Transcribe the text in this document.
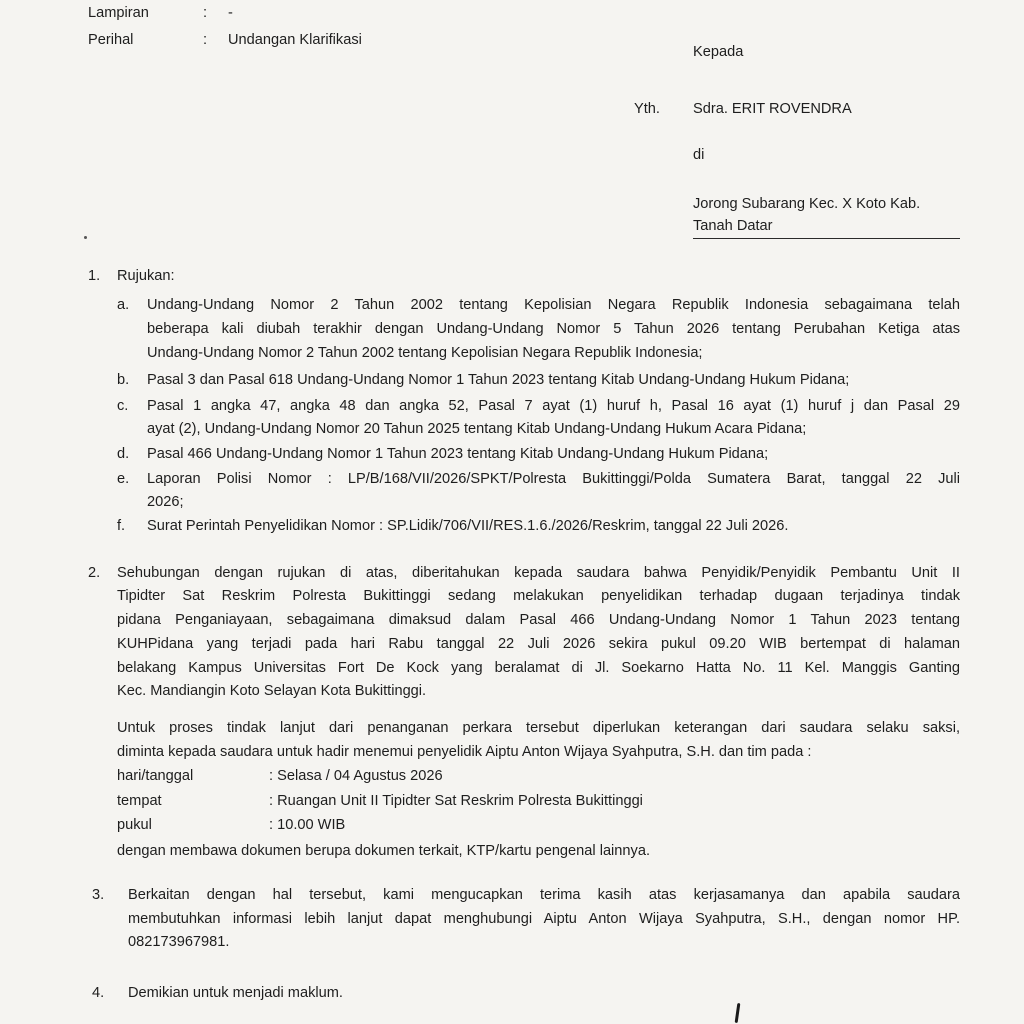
Lampiran	: -
Perihal	: Undangan Klarifikasi
Kepada
Yth. Sdra. ERIT ROVENDRA
di
Jorong Subarang Kec. X Koto Kab.
Tanah Datar
1. Rujukan:
a. Undang-Undang Nomor 2 Tahun 2002 tentang Kepolisian Negara Republik Indonesia sebagaimana telah
beberapa kali diubah terakhir dengan Undang-Undang Nomor 5 Tahun 2026 tentang Perubahan Ketiga atas
Undang-Undang Nomor 2 Tahun 2002 tentang Kepolisian Negara Republik Indonesia;
b. Pasal 3 dan Pasal 618 Undang-Undang Nomor 1 Tahun 2023 tentang Kitab Undang-Undang Hukum Pidana;
c. Pasal 1 angka 47, angka 48 dan angka 52, Pasal 7 ayat (1) huruf h, Pasal 16 ayat (1) huruf j dan Pasal 29
ayat (2), Undang-Undang Nomor 20 Tahun 2025 tentang Kitab Undang-Undang Hukum Acara Pidana;
d. Pasal 466 Undang-Undang Nomor 1 Tahun 2023 tentang Kitab Undang-Undang Hukum Pidana;
e. Laporan Polisi Nomor : LP/B/168/VII/2026/SPKT/Polresta Bukittinggi/Polda Sumatera Barat, tanggal 22 Juli
2026;
f. Surat Perintah Penyelidikan Nomor : SP.Lidik/706/VII/RES.1.6./2026/Reskrim, tanggal 22 Juli 2026.
2. Sehubungan dengan rujukan di atas, diberitahukan kepada saudara bahwa Penyidik/Penyidik Pembantu Unit II
Tipidter Sat Reskrim Polresta Bukittinggi sedang melakukan penyelidikan terhadap dugaan terjadinya tindak
pidana Penganiayaan, sebagaimana dimaksud dalam Pasal 466 Undang-Undang Nomor 1 Tahun 2023 tentang
KUHPidana yang terjadi pada hari Rabu tanggal 22 Juli 2026 sekira pukul 09.20 WIB bertempat di halaman
belakang Kampus Universitas Fort De Kock yang beralamat di Jl. Soekarno Hatta No. 11 Kel. Manggis Ganting
Kec. Mandiangin Koto Selayan Kota Bukittinggi.
Untuk proses tindak lanjut dari penanganan perkara tersebut diperlukan keterangan dari saudara selaku saksi,
diminta kepada saudara untuk hadir menemui penyelidik Aiptu Anton Wijaya Syahputra, S.H. dan tim pada :
hari/tanggal	: Selasa / 04 Agustus 2026
tempat	: Ruangan Unit II Tipidter Sat Reskrim Polresta Bukittinggi
pukul	: 10.00 WIB
dengan membawa dokumen berupa dokumen terkait, KTP/kartu pengenal lainnya.
3. Berkaitan dengan hal tersebut, kami mengucapkan terima kasih atas kerjasamanya dan apabila saudara
membutuhkan informasi lebih lanjut dapat menghubungi Aiptu Anton Wijaya Syahputra, S.H., dengan nomor HP.
082173967981.
4. Demikian untuk menjadi maklum.
